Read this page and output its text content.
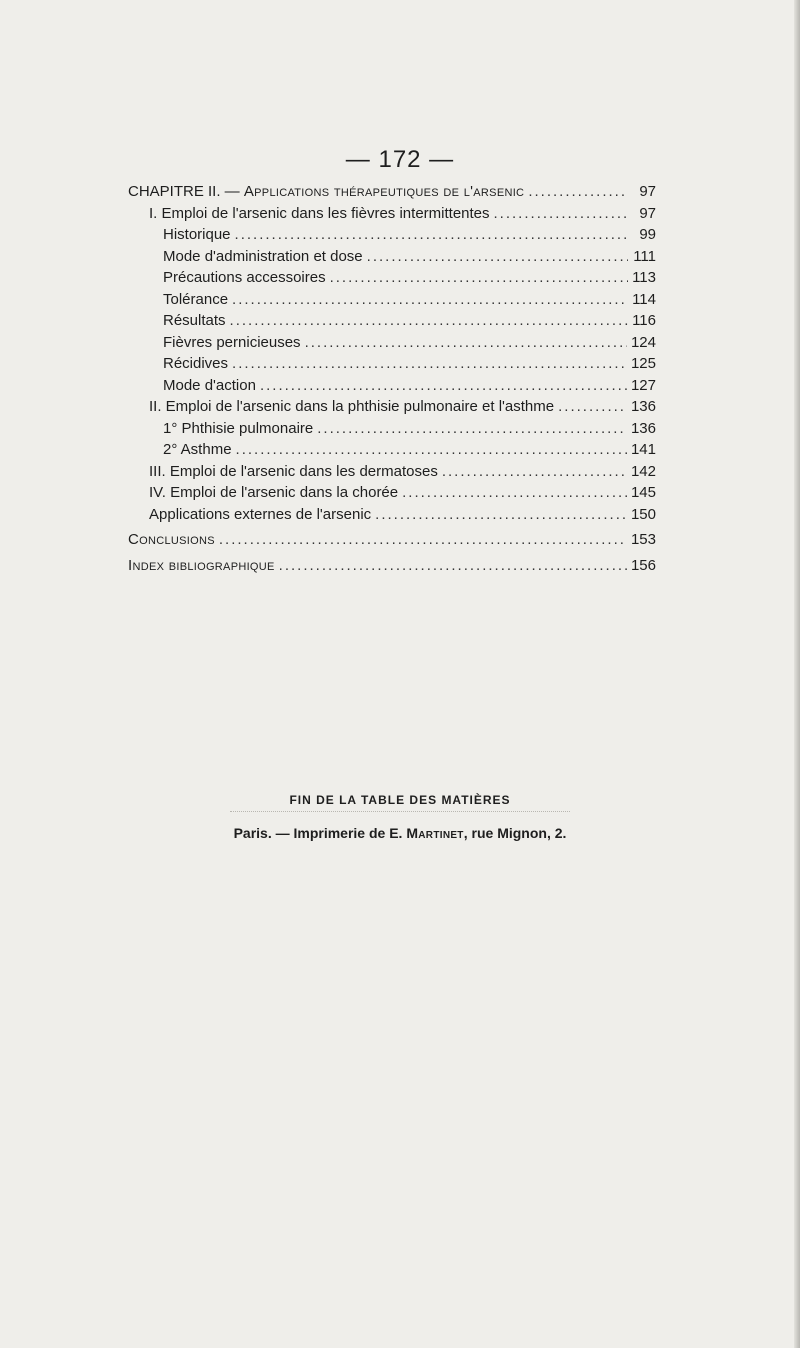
— 172 —
CHAPITRE II. — Applications thérapeutiques de l'arsenic .....	97
I. Emploi de l'arsenic dans les fièvres intermittentes .....	97
Historique .....	99
Mode d'administration et dose .....	111
Précautions accessoires .....	113
Tolérance .....	114
Résultats .....	116
Fièvres pernicieuses .....	124
Récidives .....	125
Mode d'action .....	127
II. Emploi de l'arsenic dans la phthisie pulmonaire et l'asthme .....	136
1° Phthisie pulmonaire .....	136
2° Asthme .....	141
III. Emploi de l'arsenic dans les dermatoses .....	142
IV. Emploi de l'arsenic dans la chorée .....	145
Applications externes de l'arsenic .....	150
Conclusions .....	153
Index bibliographique .....	156
FIN DE LA TABLE DES MATIÈRES
Paris. — Imprimerie de E. Martinet, rue Mignon, 2.
